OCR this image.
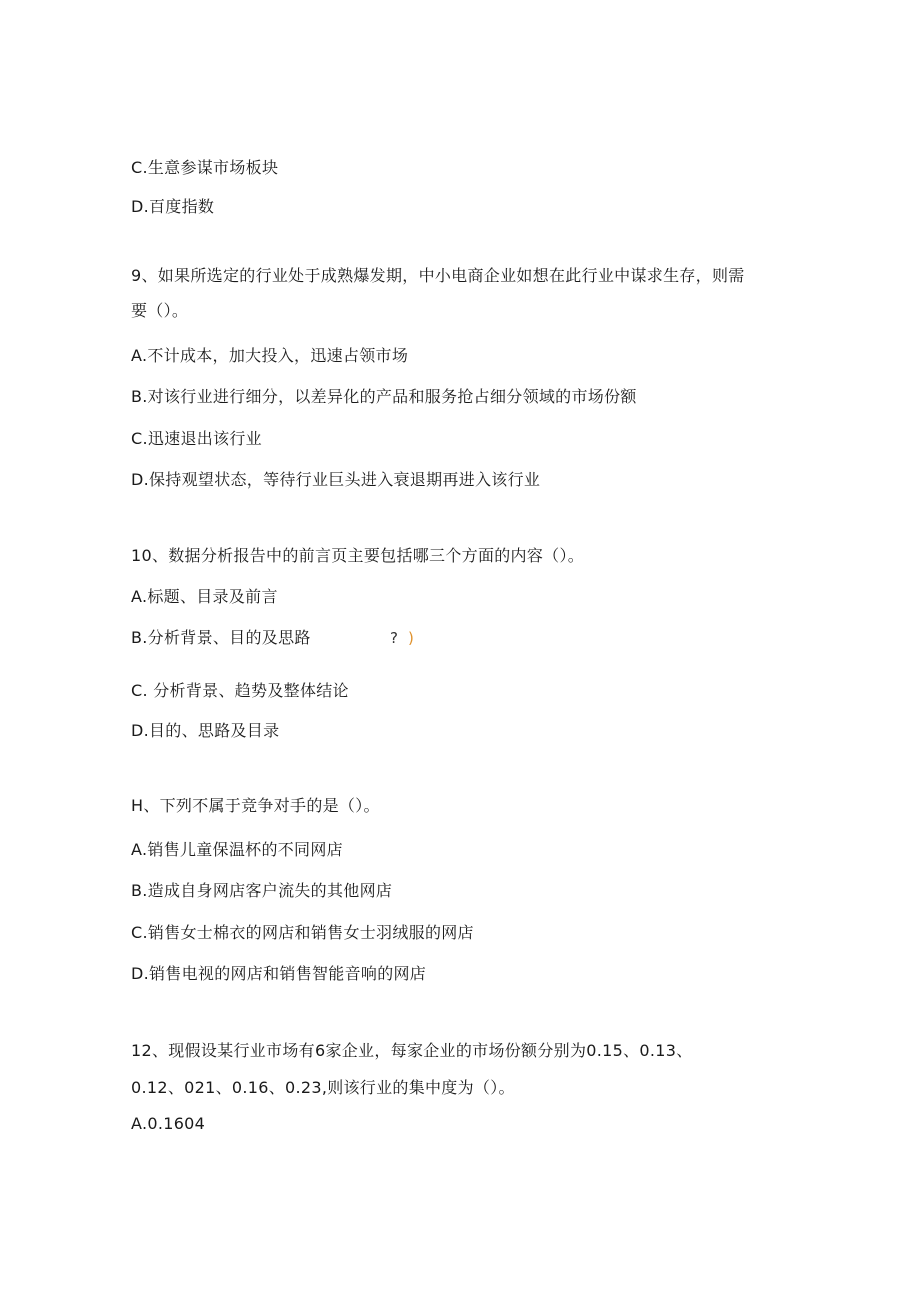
C.生意参谋市场板块
D.百度指数
9、如果所选定的行业处于成熟爆发期，中小电商企业如想在此行业中谋求生存，则需
要（）。
A.不计成本，加大投入，迅速占领市场
B.对该行业进行细分，以差异化的产品和服务抢占细分领域的市场份额
C.迅速退出该行业
D.保持观望状态，等待行业巨头进入衰退期再进入该行业
10、数据分析报告中的前言页主要包括哪三个方面的内容（）。
A.标题、目录及前言
B.分析背景、目的及思路	? )
C. 分析背景、趋势及整体结论
D.目的、思路及目录
H、下列不属于竞争对手的是（）。
A.销售儿童保温杯的不同网店
B.造成自身网店客户流失的其他网店
C.销售女士棉衣的网店和销售女士羽绒服的网店
D.销售电视的网店和销售智能音响的网店
12、现假设某行业市场有6家企业，每家企业的市场份额分别为0.15、0.13、
0.12、021、0.16、0.23,则该行业的集中度为（）。
A.0.1604
